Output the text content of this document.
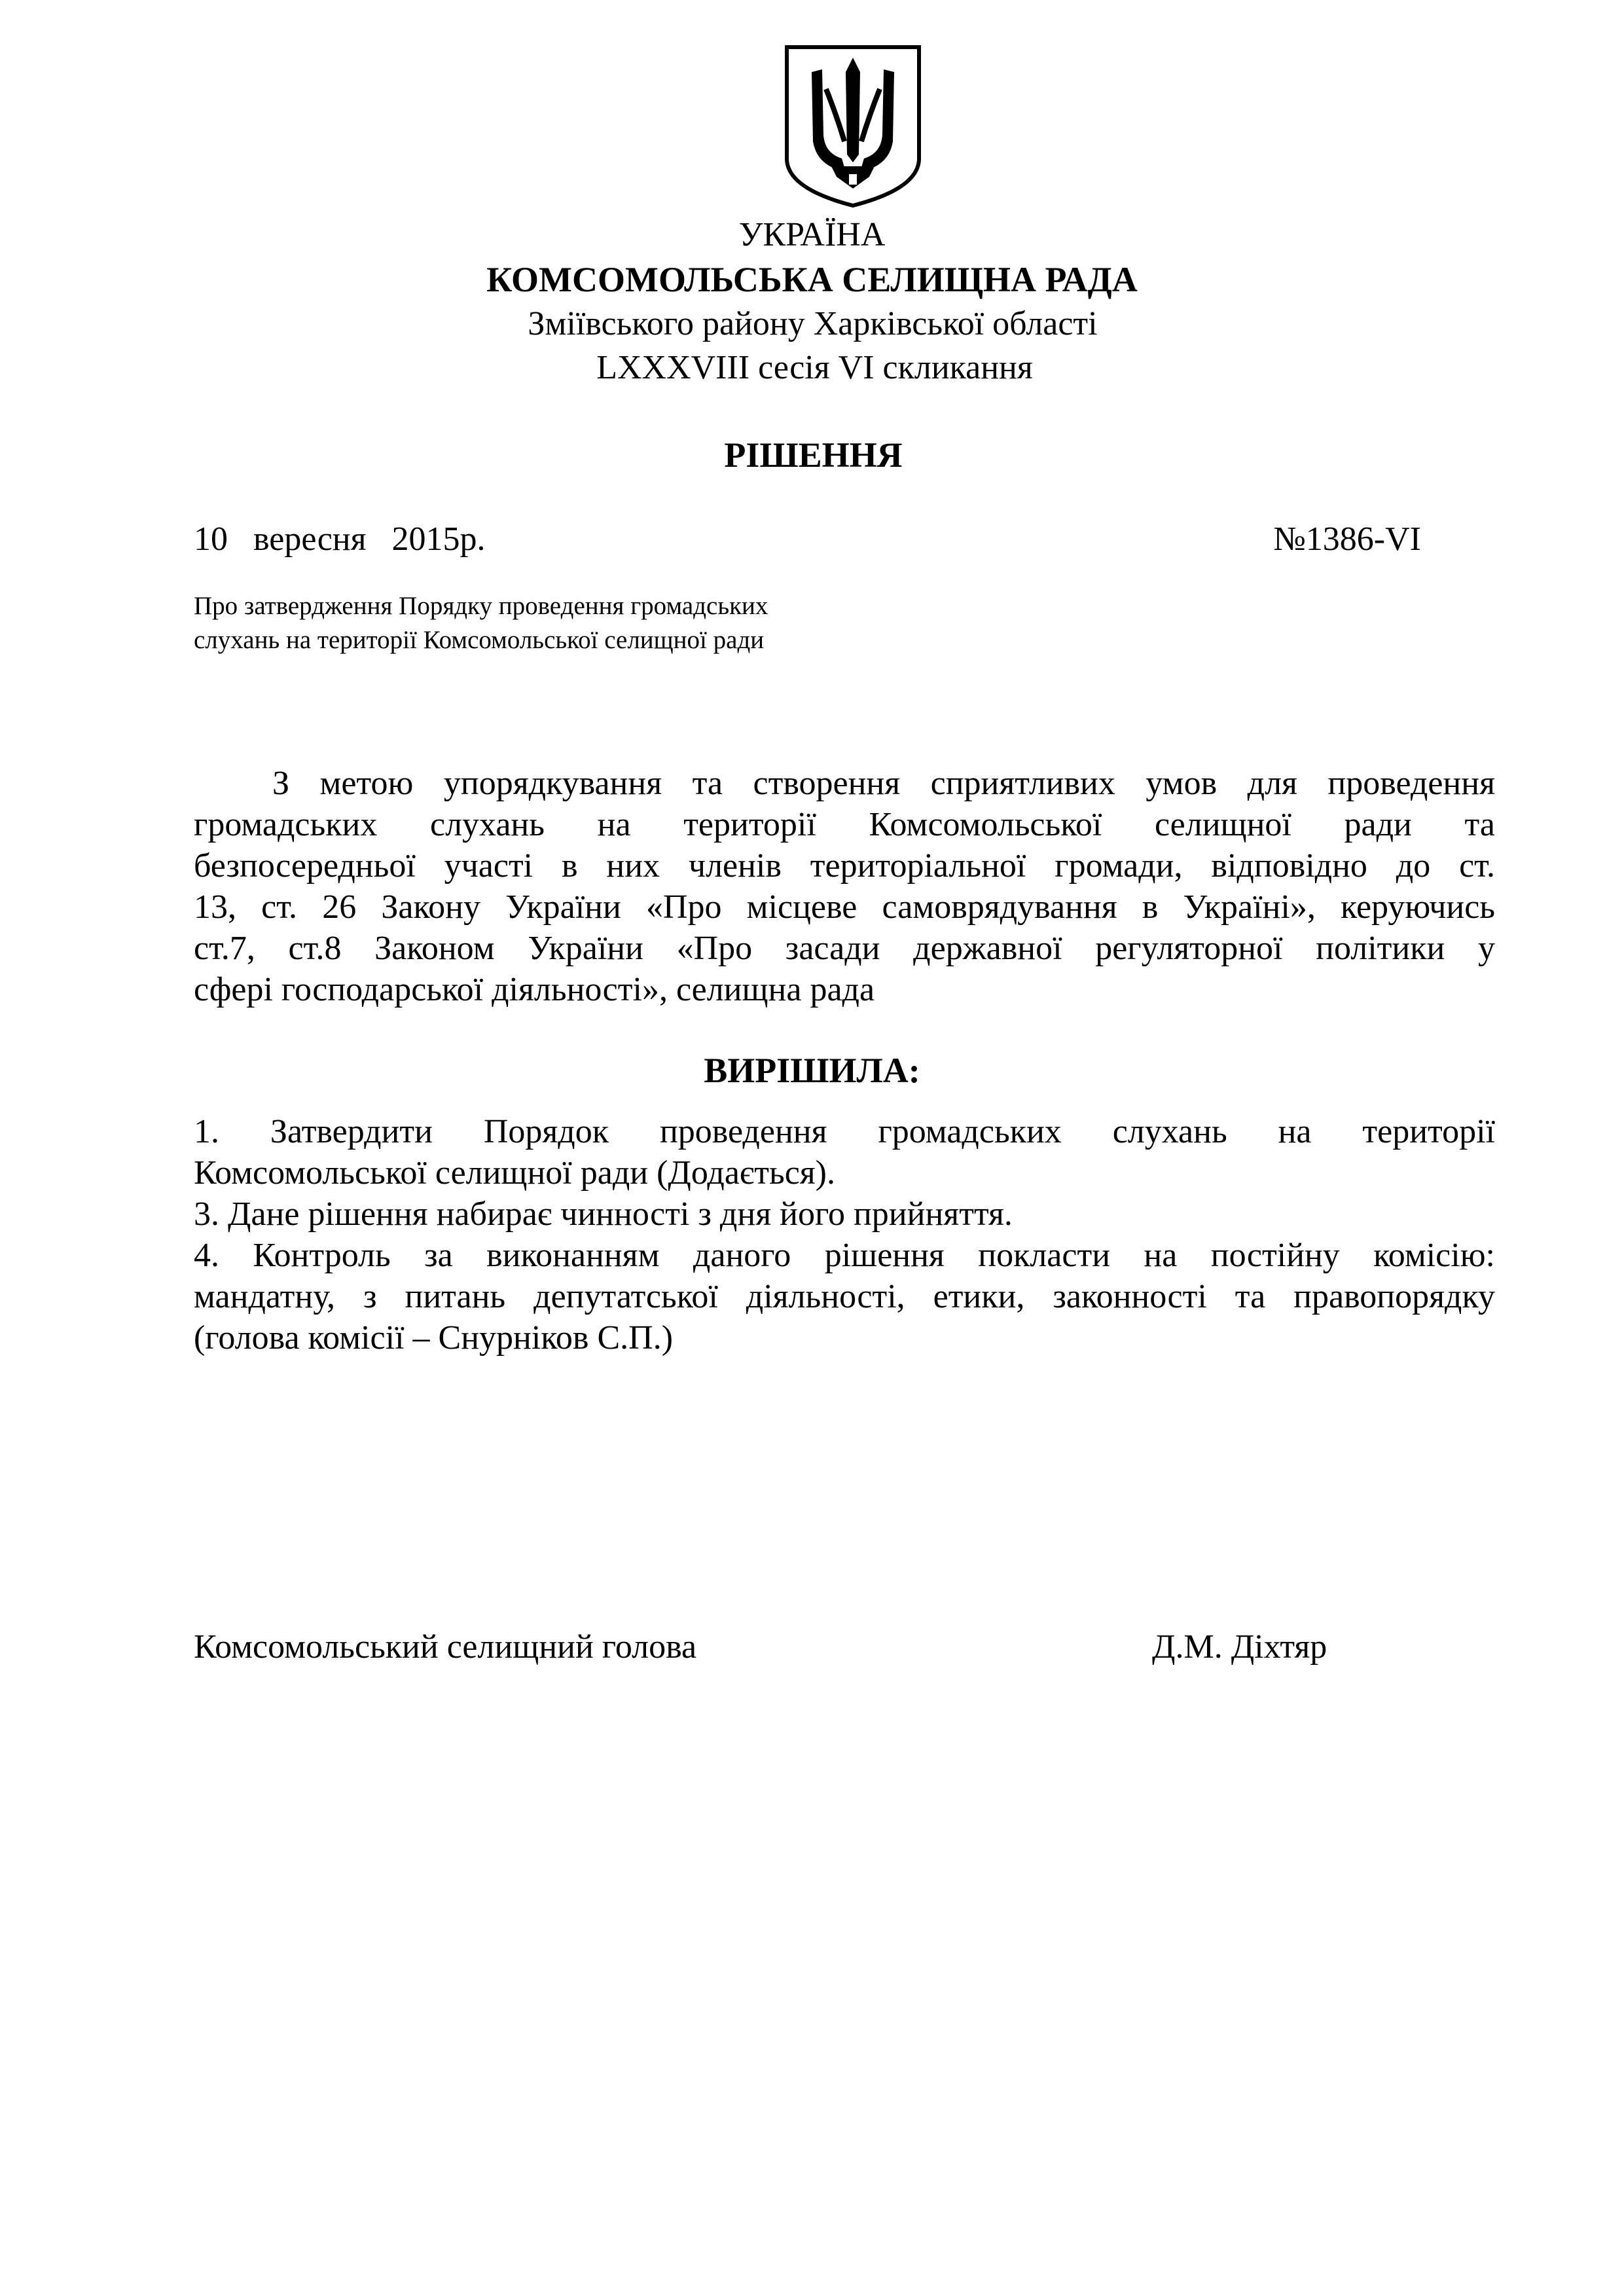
УКРАЇНА
КОМСОМОЛЬСЬКА СЕЛИЩНА РАДА
Зміївського району Харківської області
LXXXVIII сесія VI скликання
РІШЕННЯ
10   вересня   2015р.	№1386-VI
Про затвердження Порядку проведення громадських
слухань на території Комсомольської селищної ради
З метою упорядкування та створення сприятливих умов для проведення
громадських слухань на території Комсомольської селищної ради та
безпосередньої участі в них членів територіальної громади, відповідно до ст.
13, ст. 26 Закону України «Про місцеве самоврядування в Україні», керуючись
ст.7, ст.8 Законом України «Про засади державної регуляторної політики у
сфері господарської діяльності», селищна рада
ВИРІШИЛА:
1. Затвердити Порядок проведення громадських слухань на території
Комсомольської селищної ради (Додається).
3. Дане рішення набирає чинності з дня його прийняття.
4. Контроль за виконанням даного рішення покласти на постійну комісію:
мандатну, з питань депутатської діяльності, етики, законності та правопорядку
(голова комісії – Снурніков С.П.)
Комсомольський селищний голова	Д.М. Діхтяр
